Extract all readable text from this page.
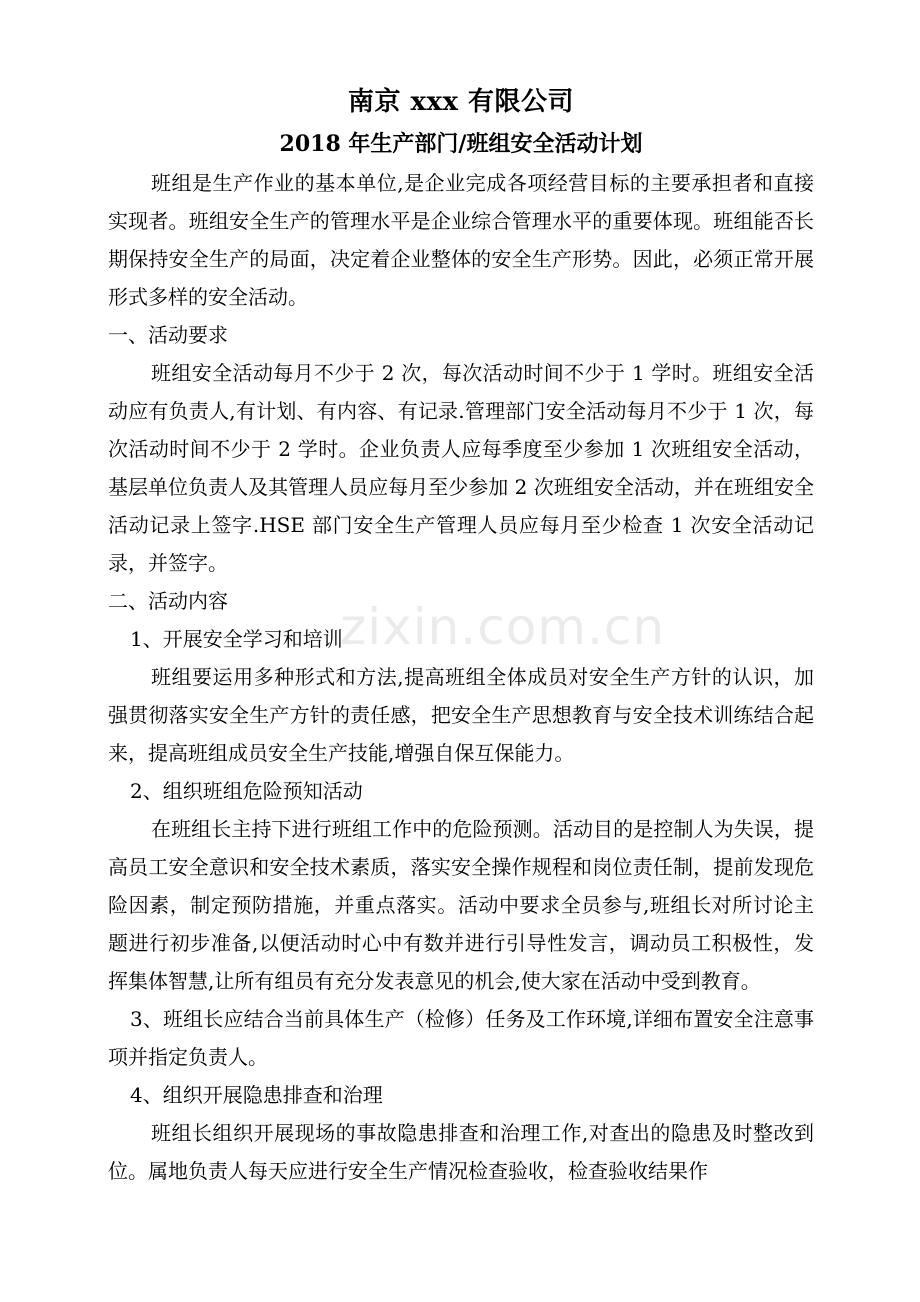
zixin.com.cn
南京 xxx 有限公司
2018 年生产部门/班组安全活动计划

班组是生产作业的基本单位,是企业完成各项经营目标的主要承担者和直接实现者。班组安全生产的管理水平是企业综合管理水平的重要体现。班组能否长期保持安全生产的局面，决定着企业整体的安全生产形势。因此，必须正常开展形式多样的安全活动。

一、活动要求

班组安全活动每月不少于 2 次，每次活动时间不少于 1 学时。班组安全活动应有负责人,有计划、有内容、有记录.管理部门安全活动每月不少于 1 次，每次活动时间不少于 2 学时。企业负责人应每季度至少参加 1 次班组安全活动，基层单位负责人及其管理人员应每月至少参加 2 次班组安全活动，并在班组安全活动记录上签字.HSE 部门安全生产管理人员应每月至少检查 1 次安全活动记录，并签字。

二、活动内容

1、开展安全学习和培训

班组要运用多种形式和方法,提高班组全体成员对安全生产方针的认识，加强贯彻落实安全生产方针的责任感，把安全生产思想教育与安全技术训练结合起来，提高班组成员安全生产技能,增强自保互保能力。

2、组织班组危险预知活动

在班组长主持下进行班组工作中的危险预测。活动目的是控制人为失误，提高员工安全意识和安全技术素质，落实安全操作规程和岗位责任制，提前发现危险因素，制定预防措施，并重点落实。活动中要求全员参与,班组长对所讨论主题进行初步准备,以便活动时心中有数并进行引导性发言，调动员工积极性，发挥集体智慧,让所有组员有充分发表意见的机会,使大家在活动中受到教育。

3、班组长应结合当前具体生产（检修）任务及工作环境,详细布置安全注意事项并指定负责人。

4、组织开展隐患排查和治理

班组长组织开展现场的事故隐患排查和治理工作,对查出的隐患及时整改到位。属地负责人每天应进行安全生产情况检查验收，检查验收结果作
